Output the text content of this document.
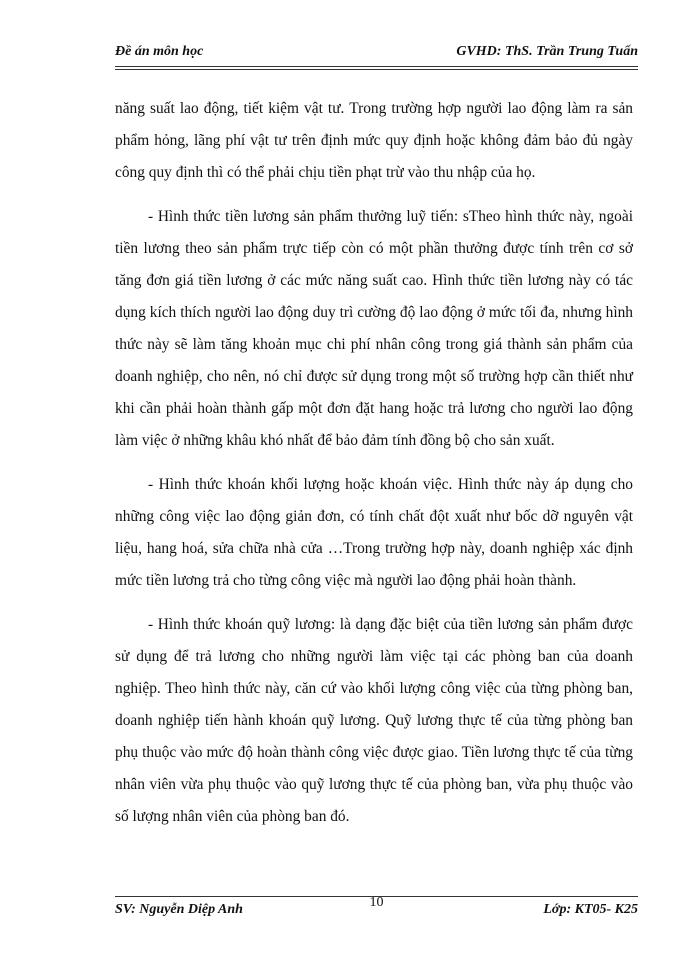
Đề án môn học	GVHD: ThS. Trần Trung Tuấn

năng suất lao động, tiết kiệm vật tư. Trong trường hợp người lao động làm ra sản phẩm hỏng, lãng phí vật tư trên định mức quy định hoặc không đảm bảo đủ ngày công quy định thì có thể phải chịu tiền phạt trừ vào thu nhập của họ.

- Hình thức tiền lương sản phẩm thưởng luỹ tiến: sTheo hình thức này, ngoài tiền lương theo sản phẩm trực tiếp còn có một phần thưởng được tính trên cơ sở tăng đơn giá tiền lương ở các mức năng suất cao. Hình thức tiền lương này có tác dụng kích thích người lao động duy trì cường độ lao động ở mức tối đa, nhưng hình thức này sẽ làm tăng khoản mục chi phí nhân công trong giá thành sản phẩm của doanh nghiệp, cho nên, nó chỉ được sử dụng trong một số trường hợp cần thiết như khi cần phải hoàn thành gấp một đơn đặt hang hoặc trả lương cho người lao động làm việc ở những khâu khó nhất để bảo đảm tính đồng bộ cho sản xuất.

- Hình thức khoán khối lượng hoặc khoán việc. Hình thức này áp dụng cho những công việc lao động giản đơn, có tính chất đột xuất như bốc dỡ nguyên vật liệu, hang hoá, sửa chữa nhà cửa …Trong trường hợp này, doanh nghiệp xác định mức tiền lương trả cho từng công việc mà người lao động phải hoàn thành.

- Hình thức khoán quỹ lương: là dạng đặc biệt của tiền lương sản phẩm được sử dụng để trả lương cho những người làm việc tại các phòng ban của doanh nghiệp. Theo hình thức này, căn cứ vào khối lượng công việc của từng phòng ban, doanh nghiệp tiến hành khoán quỹ lương. Quỹ lương thực tế của từng phòng ban phụ thuộc vào mức độ hoàn thành công việc được giao. Tiền lương thực tế của từng nhân viên vừa phụ thuộc vào quỹ lương thực tế của phòng ban, vừa phụ thuộc vào số lượng nhân viên của phòng ban đó.

SV: Nguyễn Diệp Anh	10	Lớp: KT05- K25
